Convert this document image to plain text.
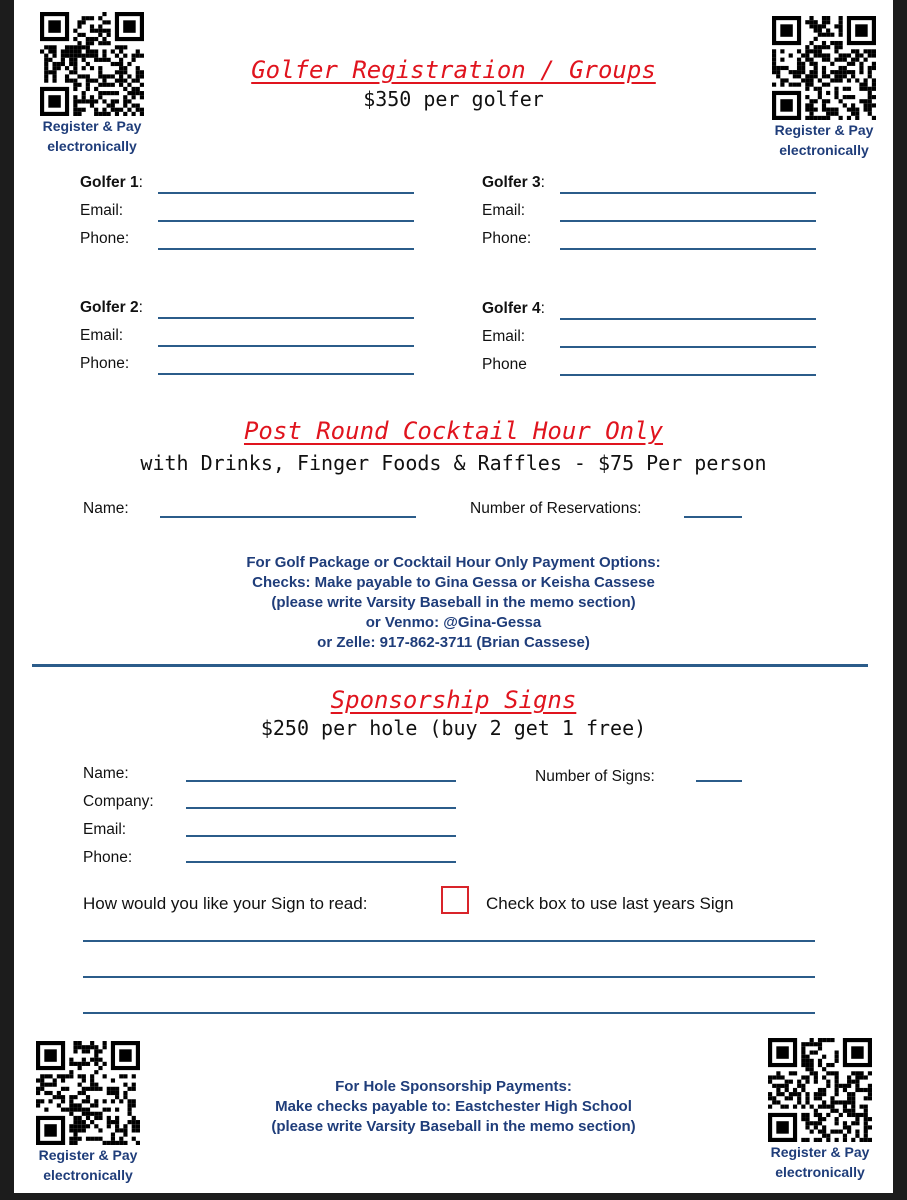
Register & Pay
electronically
Register & Pay
electronically
Golfer Registration / Groups
$350 per golfer
Golfer 1:
Email:
Phone:
Golfer 3:
Email:
Phone:
Golfer 2:
Email:
Phone:
Golfer 4:
Email:
Phone
Post Round Cocktail Hour Only
with Drinks, Finger Foods & Raffles - $75 Per person
Name:	Number of Reservations:
For Golf Package or Cocktail Hour Only Payment Options:
Checks: Make payable to Gina Gessa or Keisha Cassese
(please write Varsity Baseball in the memo section)
or Venmo: @Gina-Gessa
or Zelle: 917-862-3711 (Brian Cassese)
Sponsorship Signs
$250 per hole (buy 2 get 1 free)
Name:
Company:
Email:
Phone:
Number of Signs:
How would you like your Sign to read:	Check box to use last years Sign
For Hole Sponsorship Payments:
Make checks payable to: Eastchester High School
(please write Varsity Baseball in the memo section)
Register & Pay
electronically
Register & Pay
electronically
